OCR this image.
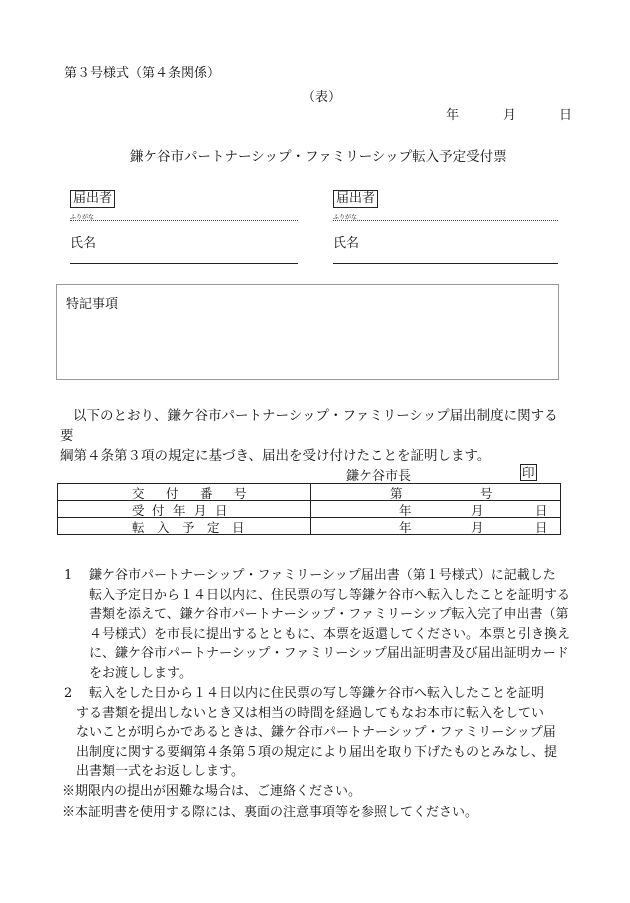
第３号様式（第４条関係）
（表）
年	月	日
鎌ケ谷市パートナーシップ・ファミリーシップ転入予定受付票
届出者
ふりがな
氏名
届出者
ふりがな
氏名
特記事項
以下のとおり、鎌ケ谷市パートナーシップ・ファミリーシップ届出制度に関する要
綱第４条第３項の規定に基づき、届出を受け付けたことを証明します。
鎌ケ谷市長	印
交 付 番 号	第 号

受 付 年 月 日	年 月 日

転 入 予 定 日	年 月 日
1 鎌ケ谷市パートナーシップ・ファミリーシップ届出書（第１号様式）に記載した
転入予定日から１４日以内に、住民票の写し等鎌ケ谷市へ転入したことを証明する
書類を添えて、鎌ケ谷市パートナーシップ・ファミリーシップ転入完了申出書（第
４号様式）を市長に提出するとともに、本票を返還してください。本票と引き換え
に、鎌ケ谷市パートナーシップ・ファミリーシップ届出証明書及び届出証明カード
をお渡しします。
2 転入をした日から１４日以内に住民票の写し等鎌ケ谷市へ転入したことを証明
する書類を提出しないとき又は相当の時間を経過してもなお本市に転入をしてい
ないことが明らかであるときは、鎌ケ谷市パートナーシップ・ファミリーシップ届
出制度に関する要綱第４条第５項の規定により届出を取り下げたものとみなし、提
出書類一式をお返しします。
※期限内の提出が困難な場合は、ご連絡ください。
※本証明書を使用する際には、裏面の注意事項等を参照してください。
